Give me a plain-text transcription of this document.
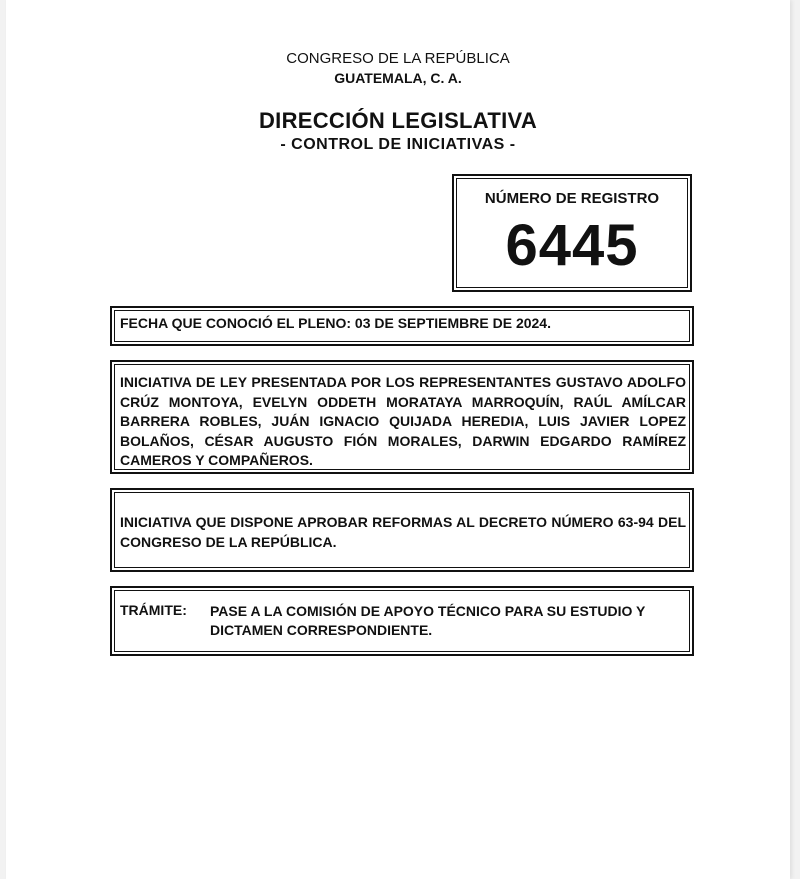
CONGRESO DE LA REPÚBLICA
GUATEMALA, C. A.
DIRECCIÓN LEGISLATIVA
- CONTROL DE INICIATIVAS -
NÚMERO DE REGISTRO
6445
FECHA QUE CONOCIÓ EL PLENO: 03 DE SEPTIEMBRE DE 2024.
INICIATIVA DE LEY PRESENTADA POR LOS REPRESENTANTES GUSTAVO ADOLFO CRÚZ MONTOYA, EVELYN ODDETH MORATAYA MARROQUÍN, RAÚL AMÍLCAR BARRERA ROBLES, JUÁN IGNACIO QUIJADA HEREDIA, LUIS JAVIER LOPEZ BOLAÑOS, CÉSAR AUGUSTO FIÓN MORALES, DARWIN EDGARDO RAMÍREZ CAMEROS Y COMPAÑEROS.
INICIATIVA QUE DISPONE APROBAR REFORMAS AL DECRETO NÚMERO 63-94 DEL CONGRESO DE LA REPÚBLICA.
TRÁMITE: PASE A LA COMISIÓN DE APOYO TÉCNICO PARA SU ESTUDIO Y DICTAMEN CORRESPONDIENTE.
